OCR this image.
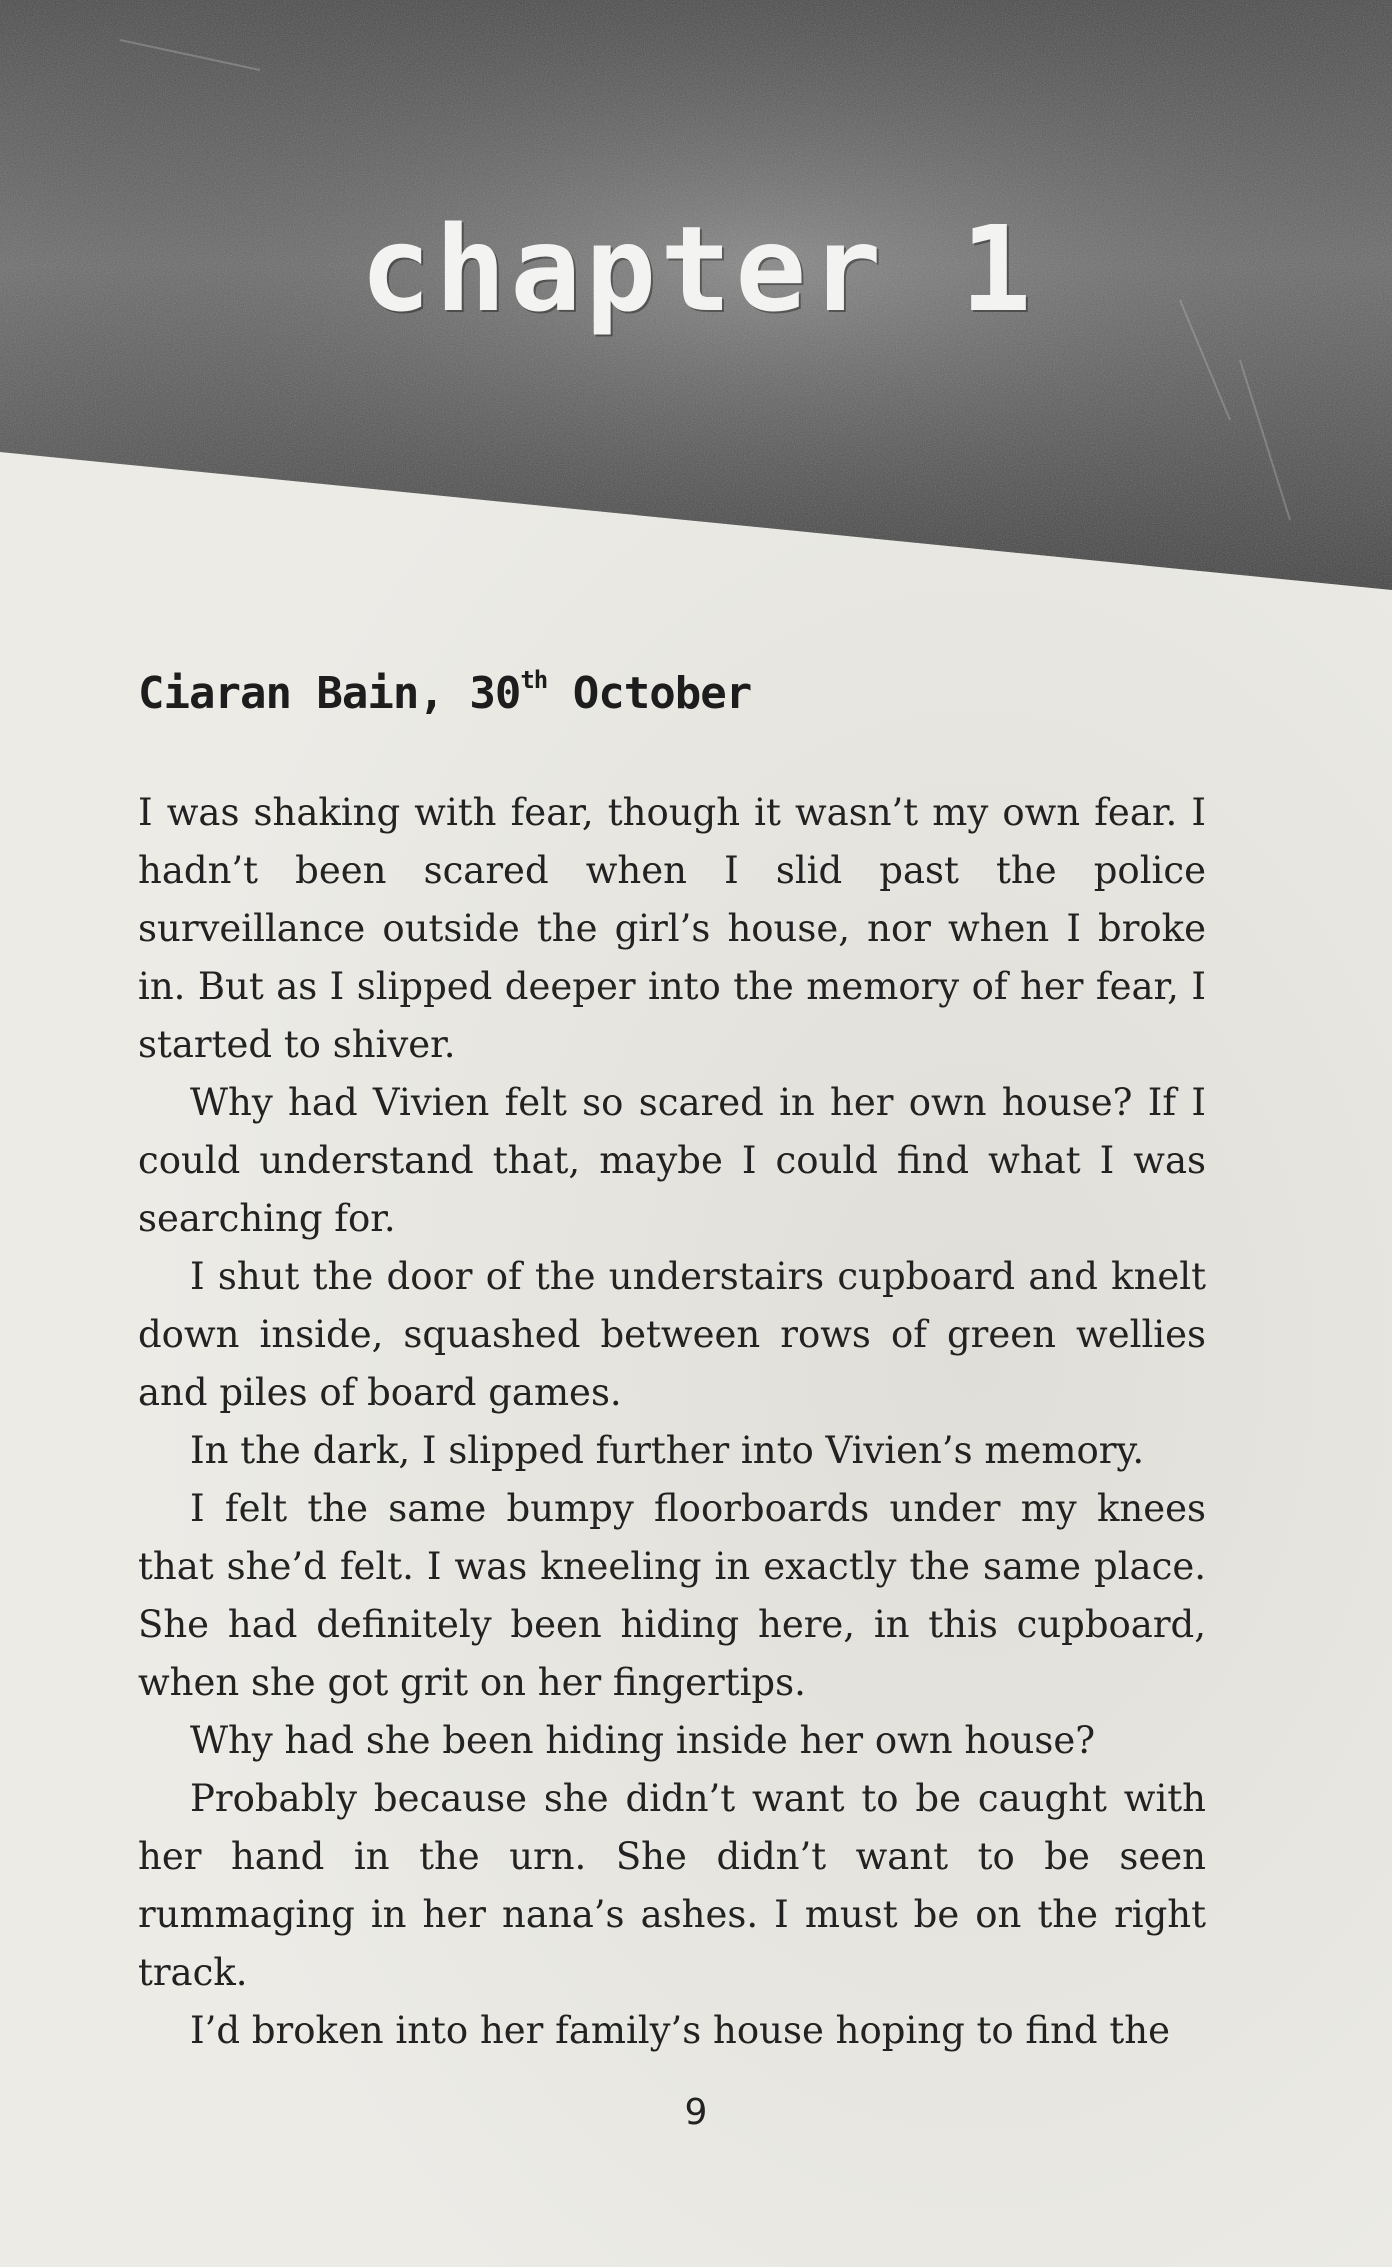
chapter 1
Ciaran Bain, 30th October

I was shaking with fear, though it wasn’t my own fear. I hadn’t been scared when I slid past the police surveillance outside the girl’s house, nor when I broke in. But as I slipped deeper into the memory of her fear, I started to shiver.

Why had Vivien felt so scared in her own house? If I could understand that, maybe I could find what I was searching for.

I shut the door of the understairs cupboard and knelt down inside, squashed between rows of green wellies and piles of board games.

In the dark, I slipped further into Vivien’s memory.

I felt the same bumpy floorboards under my knees that she’d felt. I was kneeling in exactly the same place. She had definitely been hiding here, in this cupboard, when she got grit on her fingertips.

Why had she been hiding inside her own house?

Probably because she didn’t want to be caught with her hand in the urn. She didn’t want to be seen rummaging in her nana’s ashes. I must be on the right track.

I’d broken into her family’s house hoping to find the

9
